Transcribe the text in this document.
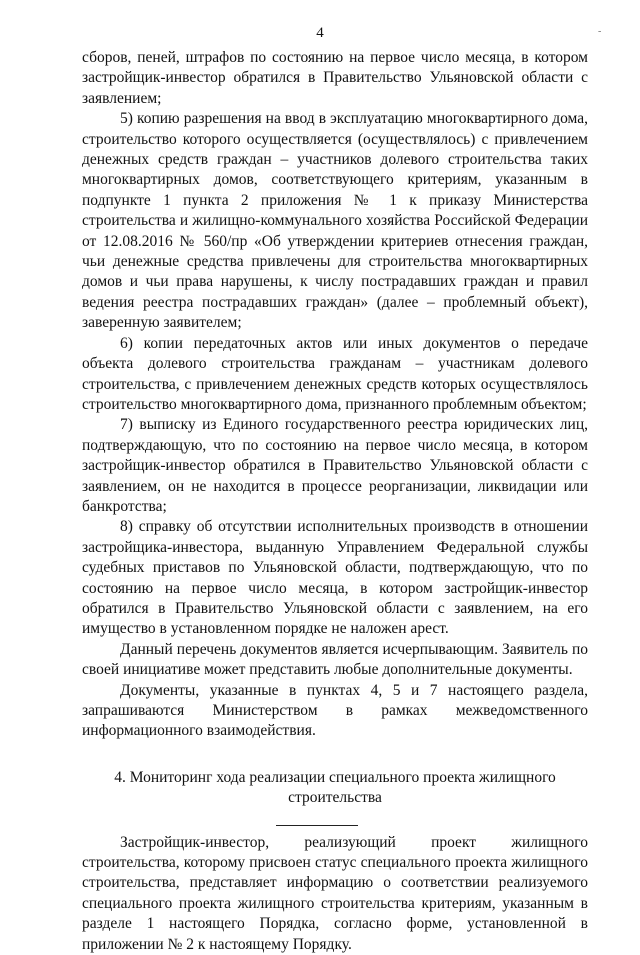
4	-

сборов, пеней, штрафов по состоянию на первое число месяца, в котором застройщик-инвестор обратился в Правительство Ульяновской области с заявлением;

5) копию разрешения на ввод в эксплуатацию многоквартирного дома, строительство которого осуществляется (осуществлялось) с привлечением денежных средств граждан – участников долевого строительства таких многоквартирных домов, соответствующего критериям, указанным в подпункте 1 пункта 2 приложения № 1 к приказу Министерства строительства и жилищно-коммунального хозяйства Российской Федерации от 12.08.2016 № 560/пр «Об утверждении критериев отнесения граждан, чьи денежные средства привлечены для строительства многоквартирных домов и чьи права нарушены, к числу пострадавших граждан и правил ведения реестра пострадавших граждан» (далее – проблемный объект), заверенную заявителем;

6) копии передаточных актов или иных документов о передаче объекта долевого строительства гражданам – участникам долевого строительства, с привлечением денежных средств которых осуществлялось строительство многоквартирного дома, признанного проблемным объектом;

7) выписку из Единого государственного реестра юридических лиц, подтверждающую, что по состоянию на первое число месяца, в котором застройщик-инвестор обратился в Правительство Ульяновской области с заявлением, он не находится в процессе реорганизации, ликвидации или банкротства;

8) справку об отсутствии исполнительных производств в отношении застройщика-инвестора, выданную Управлением Федеральной службы судебных приставов по Ульяновской области, подтверждающую, что по состоянию на первое число месяца, в котором застройщик-инвестор обратился в Правительство Ульяновской области с заявлением, на его имущество в установленном порядке не наложен арест.

Данный перечень документов является исчерпывающим. Заявитель по своей инициативе может представить любые дополнительные документы.

Документы, указанные в пунктах 4, 5 и 7 настоящего раздела, запрашиваются Министерством в рамках межведомственного информационного взаимодействия.

4. Мониторинг хода реализации специального проекта жилищного строительства

Застройщик-инвестор, реализующий проект жилищного строительства, которому присвоен статус специального проекта жилищного строительства, представляет информацию о соответствии реализуемого специального проекта жилищного строительства критериям, указанным в разделе 1 настоящего Порядка, согласно форме, установленной в приложении № 2 к настоящему Порядку.
